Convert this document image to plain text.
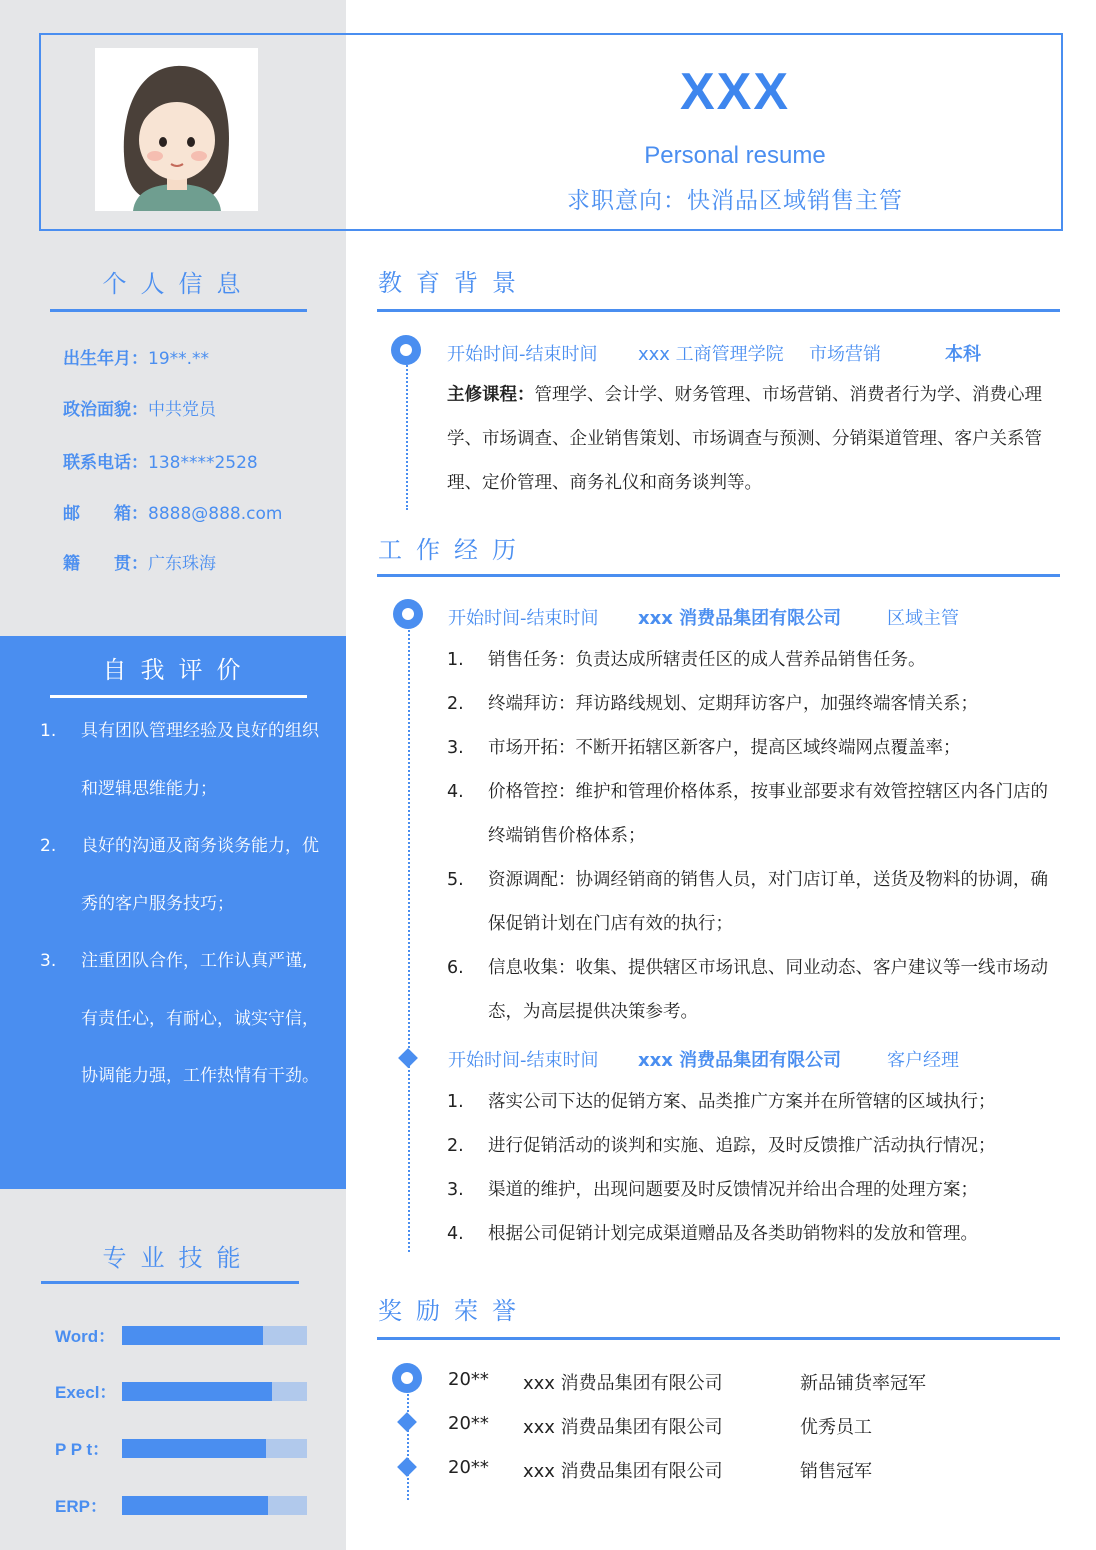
XXX
Personal resume
求职意向：快消品区域销售主管
个人信息
出生年月：19**.**
政治面貌：中共党员
联系电话：138****2528
邮　　箱：8888@888.com
籍　　贯：广东珠海
自我评价
1. 具有团队管理经验及良好的组织和逻辑思维能力；
2. 良好的沟通及商务谈务能力，优秀的客户服务技巧；
3. 注重团队合作，工作认真严谨,有责任心，有耐心，诚实守信，协调能力强，工作热情有干劲。
专业技能
Word：
Execl：
P P t：
ERP：
教育背景
开始时间-结束时间 xxx 工商管理学院 市场营销	本科
主修课程：管理学、会计学、财务管理、市场营销、消费者行为学、消费心理学、市场调查、企业销售策划、市场调查与预测、分销渠道管理、客户关系管理、定价管理、商务礼仪和商务谈判等。
工作经历
开始时间-结束时间 xxx 消费品集团有限公司	区域主管
1. 销售任务：负责达成所辖责任区的成人营养品销售任务。
2. 终端拜访：拜访路线规划、定期拜访客户，加强终端客情关系；
3. 市场开拓：不断开拓辖区新客户，提高区域终端网点覆盖率；
4. 价格管控：维护和管理价格体系，按事业部要求有效管控辖区内各门店的终端销售价格体系；
5. 资源调配：协调经销商的销售人员，对门店订单，送货及物料的协调，确保促销计划在门店有效的执行；
6. 信息收集：收集、提供辖区市场讯息、同业动态、客户建议等一线市场动态，为高层提供决策参考。
开始时间-结束时间 xxx 消费品集团有限公司	客户经理
1. 落实公司下达的促销方案、品类推广方案并在所管辖的区域执行；
2. 进行促销活动的谈判和实施、追踪，及时反馈推广活动执行情况；
3. 渠道的维护，出现问题要及时反馈情况并给出合理的处理方案；
4. 根据公司促销计划完成渠道赠品及各类助销物料的发放和管理。
奖励荣誉
20** xxx 消费品集团有限公司	新品铺货率冠军
20** xxx 消费品集团有限公司	优秀员工
20** xxx 消费品集团有限公司	销售冠军
